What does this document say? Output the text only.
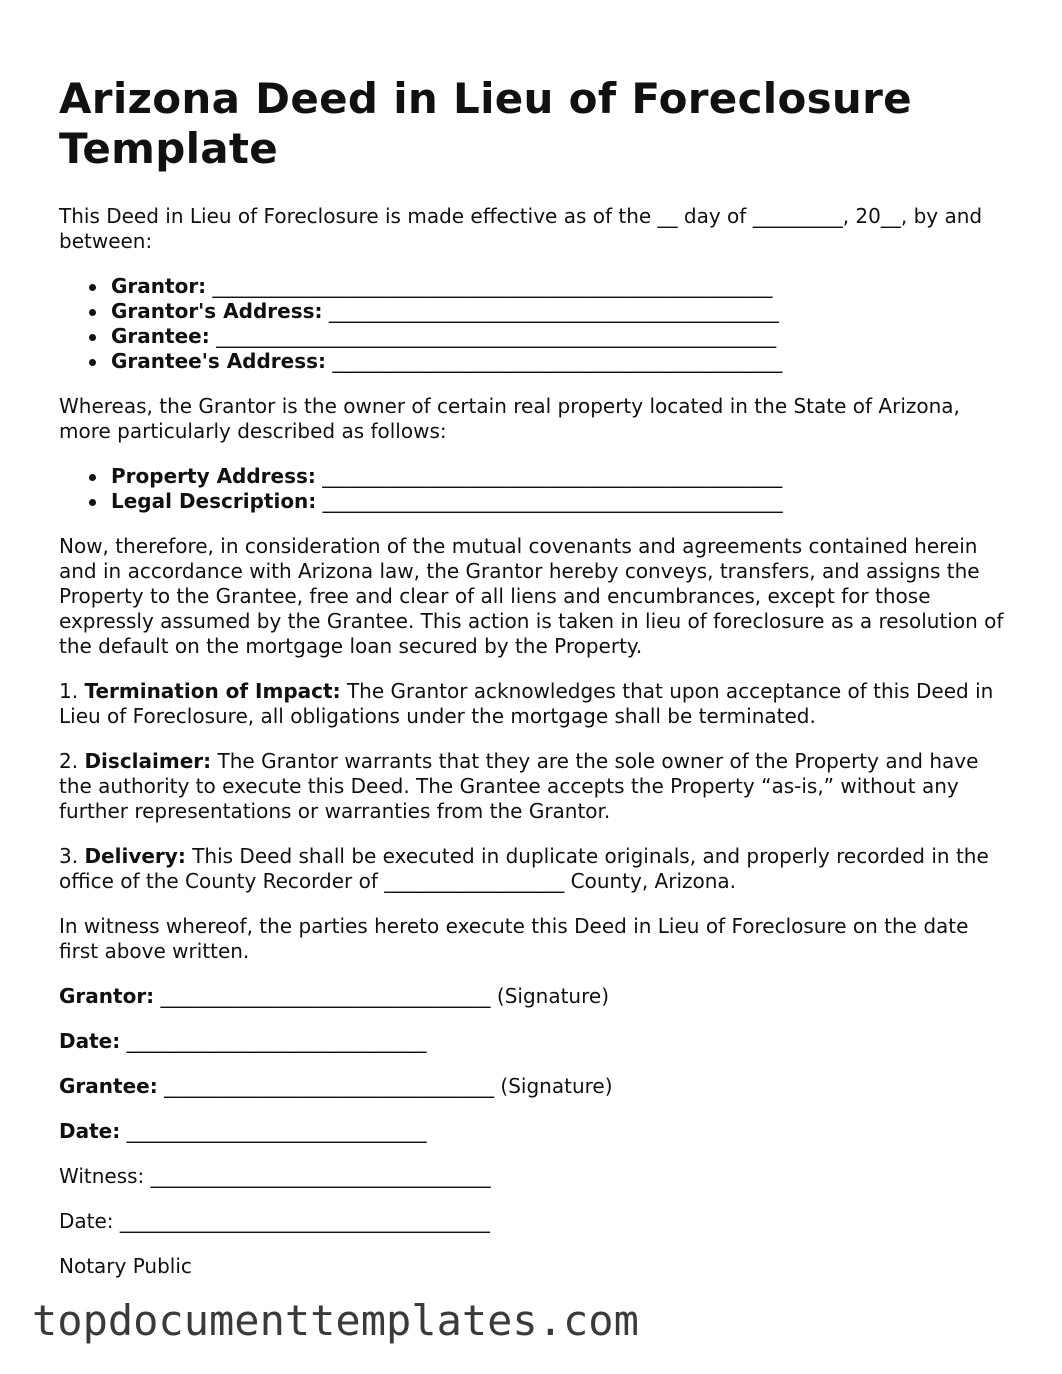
Arizona Deed in Lieu of Foreclosure Template

This Deed in Lieu of Foreclosure is made effective as of the __ day of _________, 20__, by and between:

Grantor: ________________________________________________________
Grantor's Address: _____________________________________________
Grantee: ________________________________________________________
Grantee's Address: _____________________________________________

Whereas, the Grantor is the owner of certain real property located in the State of Arizona, more particularly described as follows:

Property Address: ______________________________________________
Legal Description: ______________________________________________

Now, therefore, in consideration of the mutual covenants and agreements contained herein and in accordance with Arizona law, the Grantor hereby conveys, transfers, and assigns the Property to the Grantee, free and clear of all liens and encumbrances, except for those expressly assumed by the Grantee. This action is taken in lieu of foreclosure as a resolution of the default on the mortgage loan secured by the Property.

1. Termination of Impact: The Grantor acknowledges that upon acceptance of this Deed in Lieu of Foreclosure, all obligations under the mortgage shall be terminated.

2. Disclaimer: The Grantor warrants that they are the sole owner of the Property and have the authority to execute this Deed. The Grantee accepts the Property “as-is,” without any further representations or warranties from the Grantor.

3. Delivery: This Deed shall be executed in duplicate originals, and properly recorded in the office of the County Recorder of __________________ County, Arizona.

In witness whereof, the parties hereto execute this Deed in Lieu of Foreclosure on the date first above written.

Grantor: _________________________________ (Signature)

Date: ______________________________

Grantee: _________________________________ (Signature)

Date: ______________________________

Witness: __________________________________

Date: _____________________________________

Notary Public

topdocumenttemplates.com
